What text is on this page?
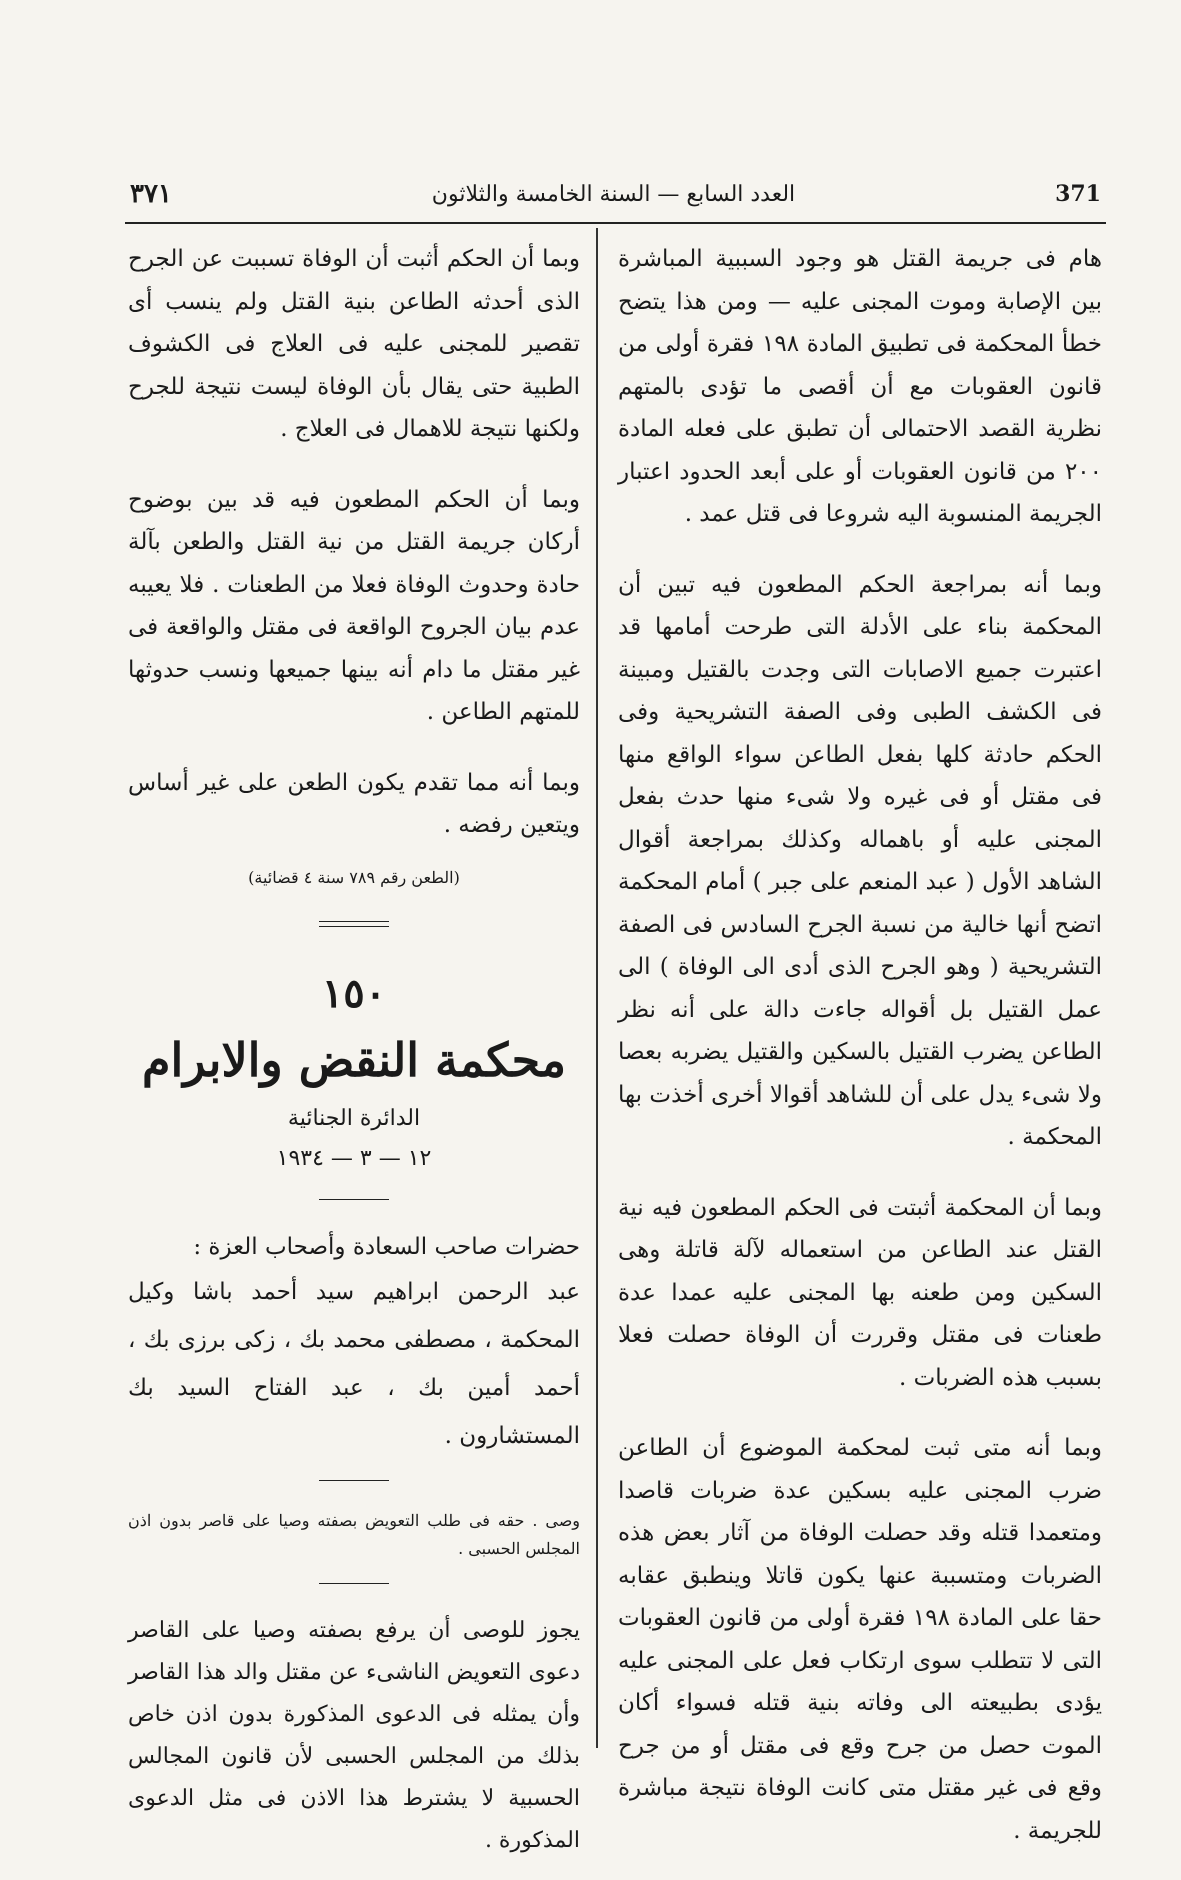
371
العدد السابع — السنة الخامسة والثلاثون
٣٧١

هام فى جريمة القتل هو وجود السببية المباشرة بين الإصابة وموت المجنى عليه — ومن هذا يتضح خطأ المحكمة فى تطبيق المادة ١٩٨ فقرة أولى من قانون العقوبات مع أن أقصى ما تؤدى بالمتهم نظرية القصد الاحتمالى أن تطبق على فعله المادة ٢٠٠ من قانون العقوبات أو على أبعد الحدود اعتبار الجريمة المنسوبة اليه شروعا فى قتل عمد .

وبما أنه بمراجعة الحكم المطعون فيه تبين أن المحكمة بناء على الأدلة التى طرحت أمامها قد اعتبرت جميع الاصابات التى وجدت بالقتيل ومبينة فى الكشف الطبى وفى الصفة التشريحية وفى الحكم حادثة كلها بفعل الطاعن سواء الواقع منها فى مقتل أو فى غيره ولا شىء منها حدث بفعل المجنى عليه أو باهماله وكذلك بمراجعة أقوال الشاهد الأول ( عبد المنعم على جبر ) أمام المحكمة اتضح أنها خالية من نسبة الجرح السادس فى الصفة التشريحية ( وهو الجرح الذى أدى الى الوفاة ) الى عمل القتيل بل أقواله جاءت دالة على أنه نظر الطاعن يضرب القتيل بالسكين والقتيل يضربه بعصا ولا شىء يدل على أن للشاهد أقوالا أخرى أخذت بها المحكمة .

وبما أن المحكمة أثبتت فى الحكم المطعون فيه نية القتل عند الطاعن من استعماله لآلة قاتلة وهى السكين ومن طعنه بها المجنى عليه عمدا عدة طعنات فى مقتل وقررت أن الوفاة حصلت فعلا بسبب هذه الضربات .

وبما أنه متى ثبت لمحكمة الموضوع أن الطاعن ضرب المجنى عليه بسكين عدة ضربات قاصدا ومتعمدا قتله وقد حصلت الوفاة من آثار بعض هذه الضربات ومتسببة عنها يكون قاتلا وينطبق عقابه حقا على المادة ١٩٨ فقرة أولى من قانون العقوبات التى لا تتطلب سوى ارتكاب فعل على المجنى عليه يؤدى بطبيعته الى وفاته بنية قتله فسواء أكان الموت حصل من جرح وقع فى مقتل أو من جرح وقع فى غير مقتل متى كانت الوفاة نتيجة مباشرة للجريمة .

وبما أن الحكم أثبت أن الوفاة تسببت عن الجرح الذى أحدثه الطاعن بنية القتل ولم ينسب أى تقصير للمجنى عليه فى العلاج فى الكشوف الطبية حتى يقال بأن الوفاة ليست نتيجة للجرح ولكنها نتيجة للاهمال فى العلاج .

وبما أن الحكم المطعون فيه قد بين بوضوح أركان جريمة القتل من نية القتل والطعن بآلة حادة وحدوث الوفاة فعلا من الطعنات . فلا يعيبه عدم بيان الجروح الواقعة فى مقتل والواقعة فى غير مقتل ما دام أنه بينها جميعها ونسب حدوثها للمتهم الطاعن .

وبما أنه مما تقدم يكون الطعن على غير أساس ويتعين رفضه .

(الطعن رقم ٧٨٩ سنة ٤ قضائية)

١٥٠
محكمة النقض والابرام
الدائرة الجنائية
١٢ — ٣ — ١٩٣٤

حضرات صاحب السعادة وأصحاب العزة :

عبد الرحمن ابراهيم سيد أحمد باشا وكيل المحكمة ، مصطفى محمد بك ، زكى برزى بك ، أحمد أمين بك ، عبد الفتاح السيد بك المستشارون .

وصى . حقه فى طلب التعويض بصفته وصيا على قاصر بدون اذن المجلس الحسبى .

يجوز للوصى أن يرفع بصفته وصيا على القاصر دعوى التعويض الناشىء عن مقتل والد هذا القاصر وأن يمثله فى الدعوى المذكورة بدون اذن خاص بذلك من المجلس الحسبى لأن قانون المجالس الحسبية لا يشترط هذا الاذن فى مثل الدعوى المذكورة .
